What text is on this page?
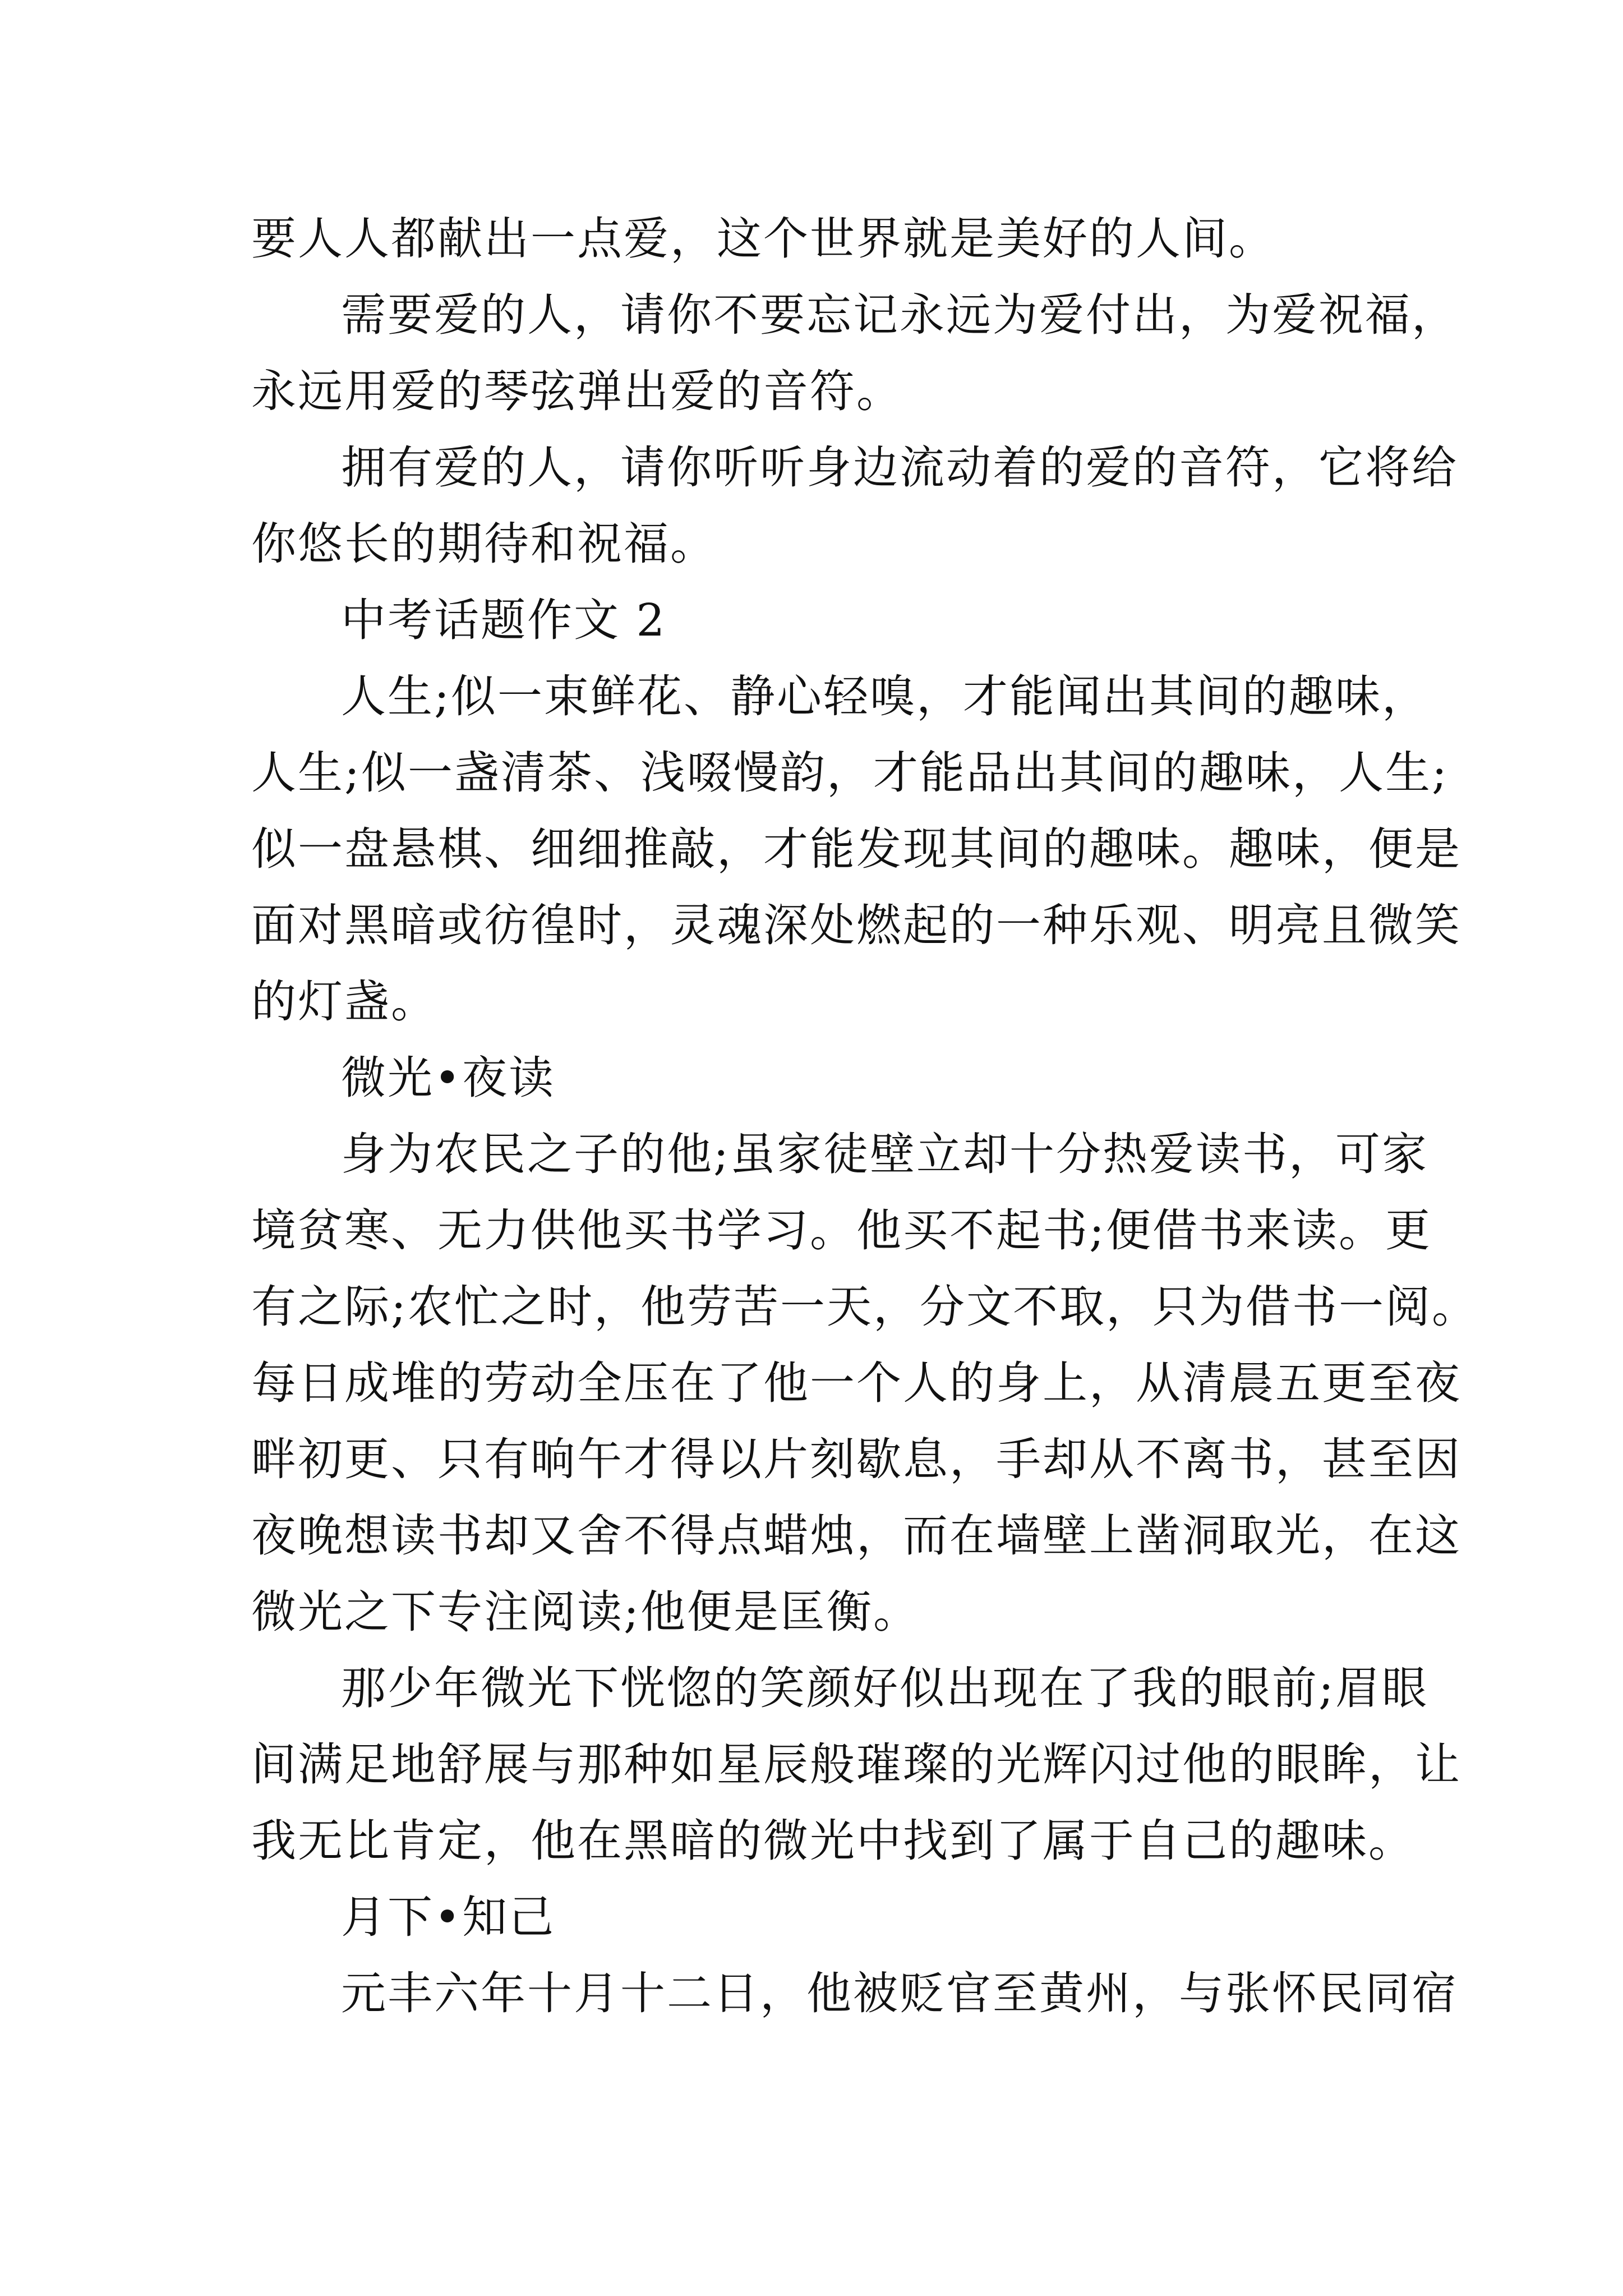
要人人都献出一点爱，这个世界就是美好的人间。
需要爱的人，请你不要忘记永远为爱付出，为爱祝福，
永远用爱的琴弦弹出爱的音符。
拥有爱的人，请你听听身边流动着的爱的音符，它将给
你悠长的期待和祝福。
中考话题作文 2
人生;似一束鲜花、静心轻嗅，才能闻出其间的趣味，
人生;似一盏清茶、浅啜慢韵，才能品出其间的趣味，人生;
似一盘悬棋、细细推敲，才能发现其间的趣味。趣味，便是
面对黑暗或彷徨时，灵魂深处燃起的一种乐观、明亮且微笑
的灯盏。
微光•夜读
身为农民之子的他;虽家徒壁立却十分热爱读书，可家
境贫寒、无力供他买书学习。他买不起书;便借书来读。更
有之际;农忙之时，他劳苦一天，分文不取，只为借书一阅。
每日成堆的劳动全压在了他一个人的身上，从清晨五更至夜
畔初更、只有晌午才得以片刻歇息，手却从不离书，甚至因
夜晚想读书却又舍不得点蜡烛，而在墙壁上凿洞取光，在这
微光之下专注阅读;他便是匡衡。
那少年微光下恍惚的笑颜好似出现在了我的眼前;眉眼
间满足地舒展与那种如星辰般璀璨的光辉闪过他的眼眸，让
我无比肯定，他在黑暗的微光中找到了属于自己的趣味。
月下•知己
元丰六年十月十二日，他被贬官至黄州，与张怀民同宿
